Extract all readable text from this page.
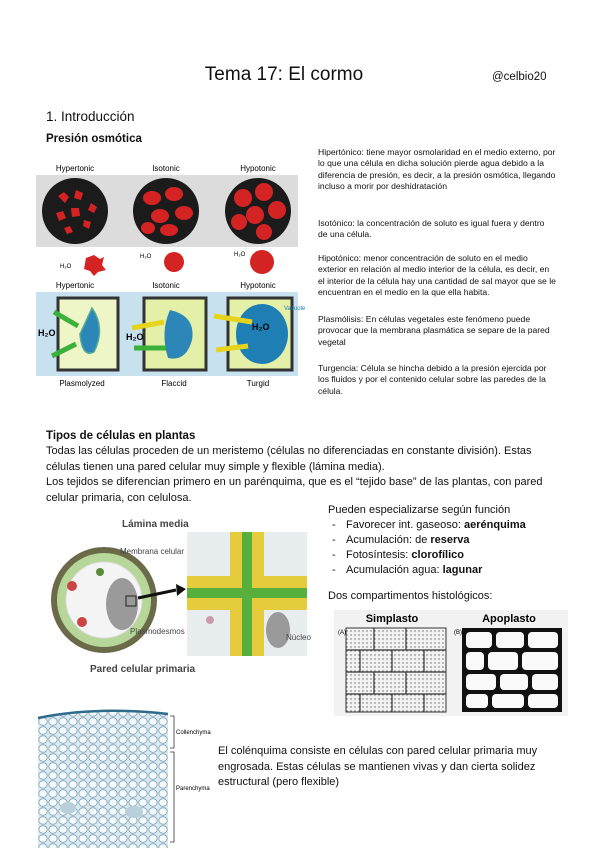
Tema 17: El cormo	@celbio20
1. Introducción
Presión osmótica
Hypertonic	Isotonic	Hypotonic
H₂O
H₂O	H₂O
Hypertonic	Isotonic	Hypotonic
H₂O	H₂O
H₂O
Vacuole
Plasmolyzed	Flaccid	Turgid
Hipertónico: tiene mayor osmolaridad en el medio externo, por lo que una célula en dicha solución pierde agua debido a la diferencia de presión, es decir, a la presión osmótica, llegando incluso a morir por deshidratación
Isotónico: la concentración de soluto es igual fuera y dentro de una célula.
Hipotónico: menor concentración de soluto en el medio exterior en relación al medio interior de la célula, es decir, en el interior de la célula hay una cantidad de sal mayor que se le encuentran en el medio en la que ella habita.
Plasmólisis: En células vegetales este fenómeno puede provocar que la membrana plasmática se separe de la pared vegetal
Turgencia: Célula se hincha debido a la presión ejercida por los fluidos y por el contenido celular sobre las paredes de la célula.
Tipos de células en plantas
Todas las células proceden de un meristemo (células no diferenciadas en constante división). Estas células tienen una pared celular muy simple y flexible (lámina media).
Los tejidos se diferencian primero en un parénquima, que es el “tejido base” de las plantas, con pared celular primaria, con celulosa.
Lámina media
Membrana celular
Plasmodesmos
Pared celular primaria
Núcleo
Pueden especializarse según función
- Favorecer int. gaseoso: aerénquima
- Acumulación: de reserva
- Fotosíntesis: clorofílico
- Acumulación agua: lagunar
Dos compartimentos histológicos:
Simplasto	Apoplasto
(A)	(B)
Collenchyma
Parenchyma
El colénquima consiste en células con pared celular primaria muy engrosada. Estas células se mantienen vivas y dan cierta solidez estructural (pero flexible)
